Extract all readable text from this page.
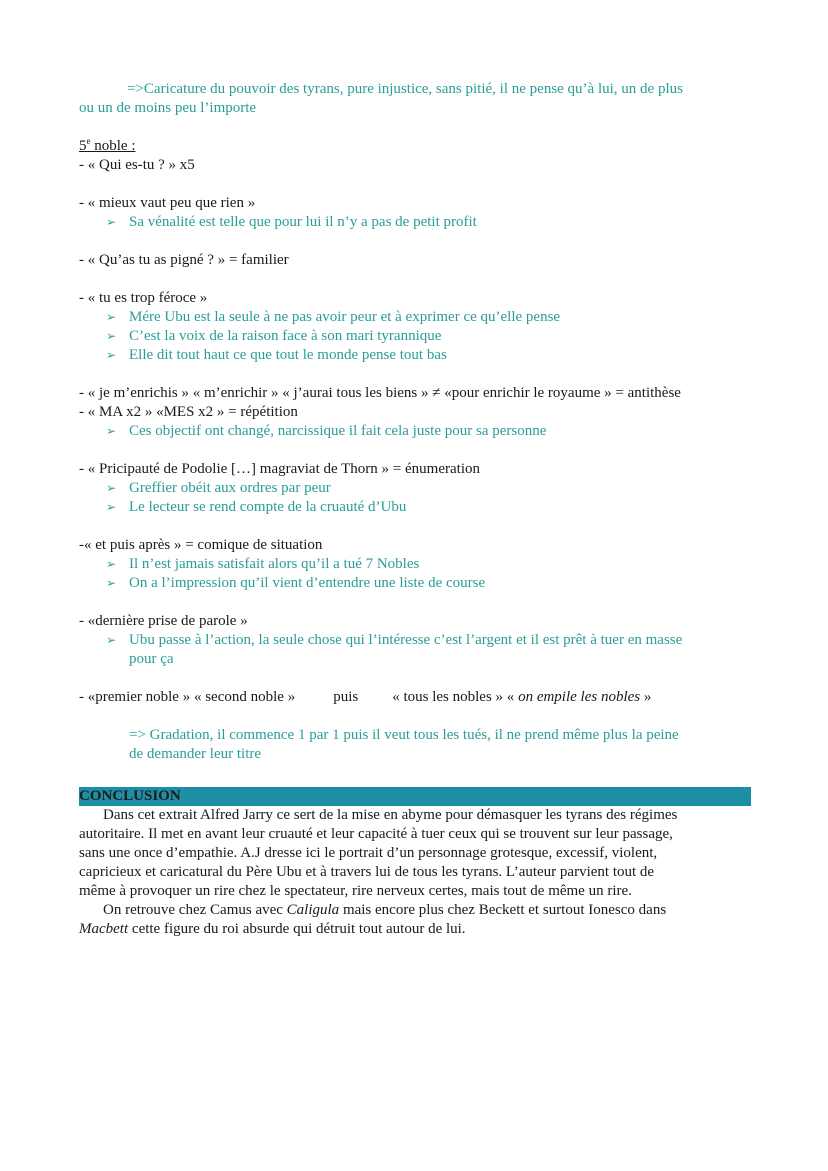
=>Caricature du pouvoir des tyrans, pure injustice, sans pitié, il ne pense qu’à lui, un de plus

ou un de moins peu l’importe

5e noble :

- « Qui es-tu ? » x5

- « mieux vaut peu que rien »

➢ Sa vénalité est telle que pour lui il n’y a pas de petit profit

- « Qu’as tu as pigné ? » = familier

- « tu es trop féroce »

➢ Mére Ubu est la seule à ne pas avoir peur et à exprimer ce qu’elle pense
➢ C’est la voix de la raison face à son mari tyrannique
➢ Elle dit tout haut ce que tout le monde pense tout bas

- « je m’enrichis » « m’enrichir » « j’aurai tous les biens » ≠ «pour enrichir le royaume » = antithèse

- « MA x2 » «MES x2 » = répétition

➢ Ces objectif ont changé, narcissique il fait cela juste pour sa personne

- « Pricipauté de Podolie […] magraviat de Thorn » = énumeration

➢ Greffier obéit aux ordres par peur
➢ Le lecteur se rend compte de la cruauté d’Ubu

-« et puis après » = comique de situation

➢ Il n’est jamais satisfait alors qu’il a tué 7 Nobles
➢ On a l’impression qu’il vient d’entendre une liste de course

- «dernière prise de parole »

➢ Ubu passe à l’action, la seule chose qui l’intéresse c’est l’argent et il est prêt à tuer en masse
pour ça

- «premier noble » « second noble »	puis « tous les nobles » « on empile les nobles »

=> Gradation, il commence 1 par 1 puis il veut tous les tués, il ne prend même plus la peine

de demander leur titre

CONCLUSION

Dans cet extrait Alfred Jarry ce sert de la mise en abyme pour démasquer les tyrans des régimes
autoritaire. Il met en avant leur cruauté et leur capacité à tuer ceux qui se trouvent sur leur passage,
sans une once d’empathie. A.J dresse ici le portrait d’un personnage grotesque, excessif, violent,
capricieux et caricatural du Père Ubu et à travers lui de tous les tyrans. L’auteur parvient tout de
même à provoquer un rire chez le spectateur, rire nerveux certes, mais tout de même un rire.

On retrouve chez Camus avec Caligula mais encore plus chez Beckett et surtout Ionesco dans
Macbett cette figure du roi absurde qui détruit tout autour de lui.
